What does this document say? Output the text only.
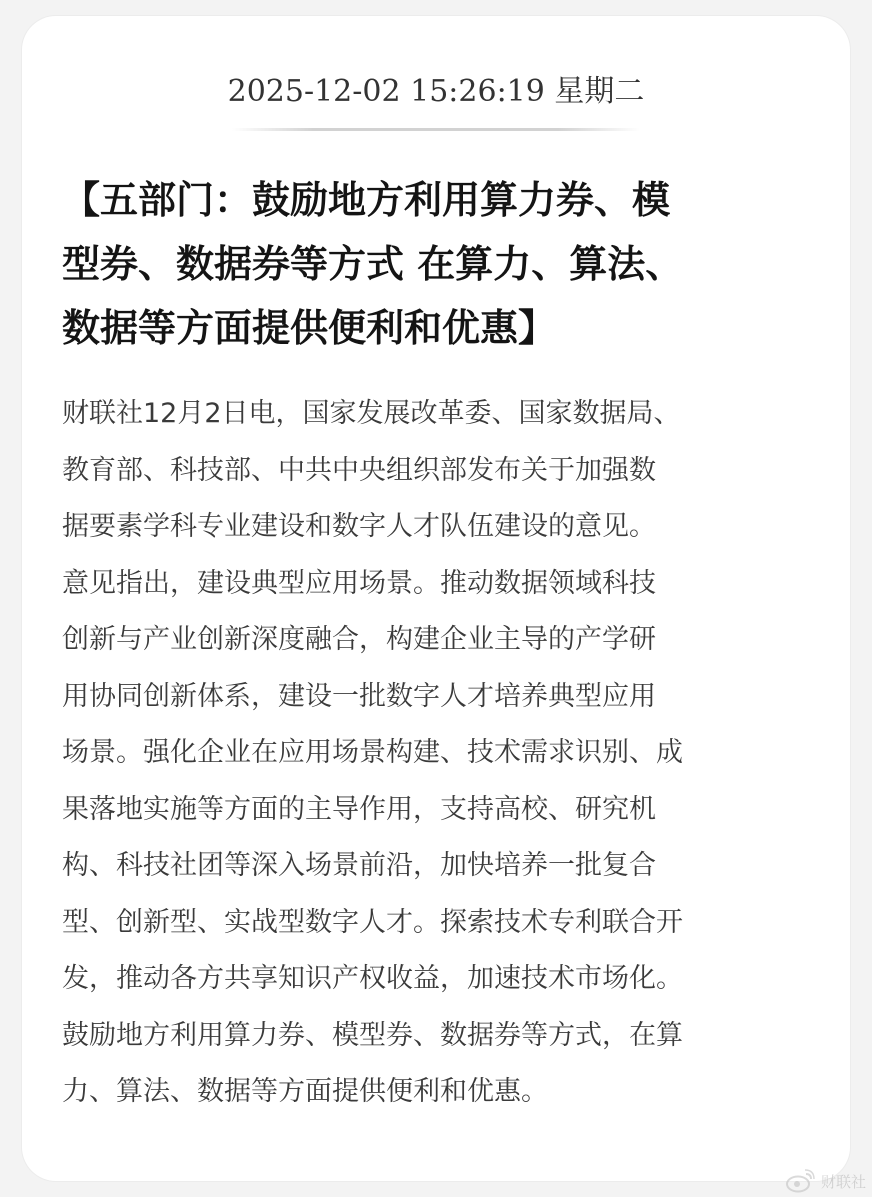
2025-12-02 15:26:19 星期二
【五部门：鼓励地方利用算力券、模
型券、数据券等方式 在算力、算法、
数据等方面提供便利和优惠】
财联社12月2日电，国家发展改革委、国家数据局、
教育部、科技部、中共中央组织部发布关于加强数
据要素学科专业建设和数字人才队伍建设的意见。
意见指出，建设典型应用场景。推动数据领域科技
创新与产业创新深度融合，构建企业主导的产学研
用协同创新体系，建设一批数字人才培养典型应用
场景。强化企业在应用场景构建、技术需求识别、成
果落地实施等方面的主导作用，支持高校、研究机
构、科技社团等深入场景前沿，加快培养一批复合
型、创新型、实战型数字人才。探索技术专利联合开
发，推动各方共享知识产权收益，加速技术市场化。
鼓励地方利用算力券、模型券、数据券等方式，在算
力、算法、数据等方面提供便利和优惠。
财联社
